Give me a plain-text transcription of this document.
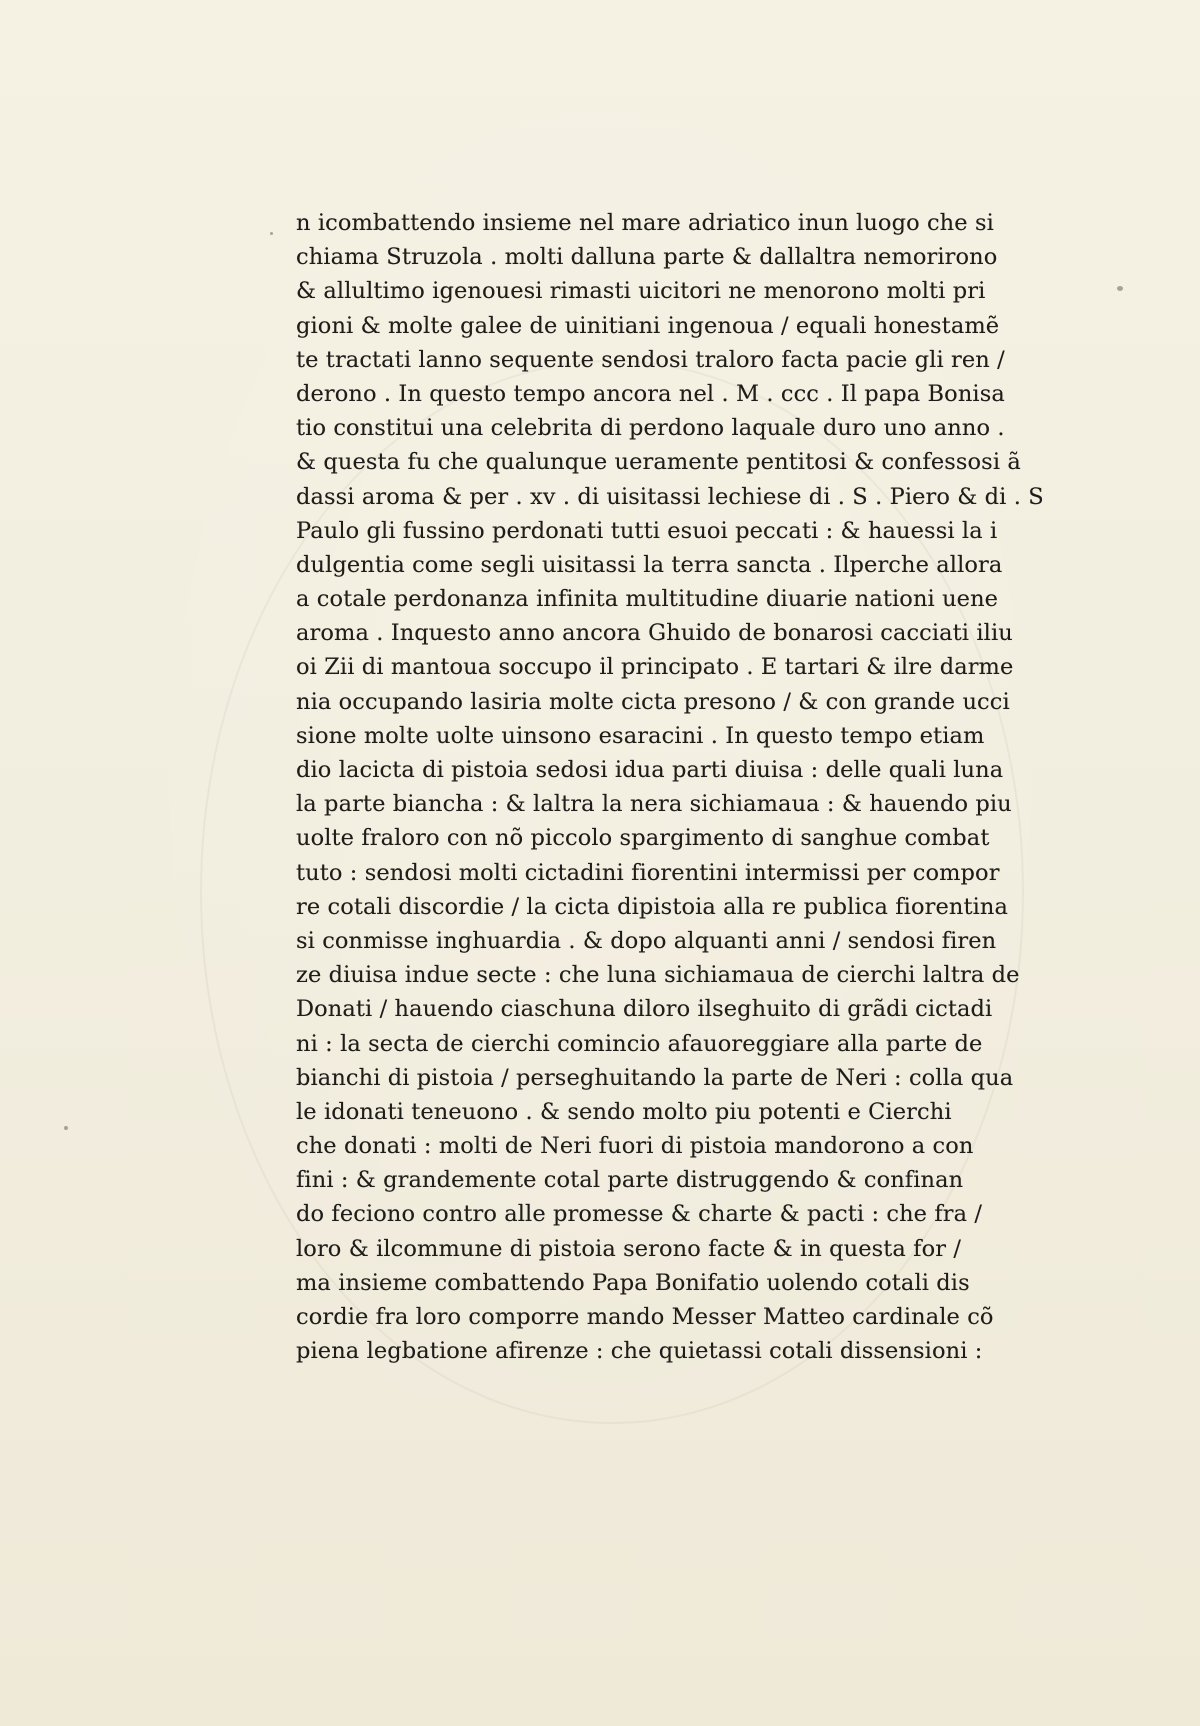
n icombattendo insieme nel mare adriatico inun luogo che si
chiama Struzola . molti dalluna parte & dallaltra nemorirono
& allultimo igenouesi rimasti uicitori ne menorono molti pri
gioni & molte galee de uinitiani ingenoua / equali honestamẽ
te tractati lanno sequente sendosi traloro facta pacie gli ren /
derono . In questo tempo ancora nel . M . ccc . Il papa Bonisa
tio constitui una celebrita di perdono laquale duro uno anno .
& questa fu che qualunque ueramente pentitosi & confessosi ã
dassi aroma & per . xv . di uisitassi lechiese di . S . Piero & di . S
Paulo gli fussino perdonati tutti esuoi peccati : & hauessi la i
dulgentia come segli uisitassi la terra sancta . Ilperche allora
a cotale perdonanza infinita multitudine diuarie nationi uene
aroma . Inquesto anno ancora Ghuido de bonarosi cacciati iliu
oi Zii di mantoua soccupo il principato . E tartari & ilre darme
nia occupando lasiria molte cicta presono / & con grande ucci
sione molte uolte uinsono esaracini . In questo tempo etiam
dio lacicta di pistoia sedosi idua parti diuisa : delle quali luna
la parte biancha : & laltra la nera sichiamaua : & hauendo piu
uolte fraloro con nõ piccolo spargimento di sanghue combat
tuto : sendosi molti cictadini fiorentini intermissi per compor
re cotali discordie / la cicta dipistoia alla re publica fiorentina
si conmisse inghuardia . & dopo alquanti anni / sendosi firen
ze diuisa indue secte : che luna sichiamaua de cierchi laltra de
Donati / hauendo ciaschuna diloro ilseghuito di grãdi cictadi
ni : la secta de cierchi comincio afauoreggiare alla parte de
bianchi di pistoia / perseghuitando la parte de Neri : colla qua
le idonati teneuono . & sendo molto piu potenti e Cierchi
che donati : molti de Neri fuori di pistoia mandorono a con
fini : & grandemente cotal parte distruggendo & confinan
do feciono contro alle promesse & charte & pacti : che fra /
loro & ilcommune di pistoia serono facte & in questa for /
ma insieme combattendo Papa Bonifatio uolendo cotali dis
cordie fra loro comporre mando Messer Matteo cardinale cõ
piena legbatione afirenze : che quietassi cotali dissensioni :
